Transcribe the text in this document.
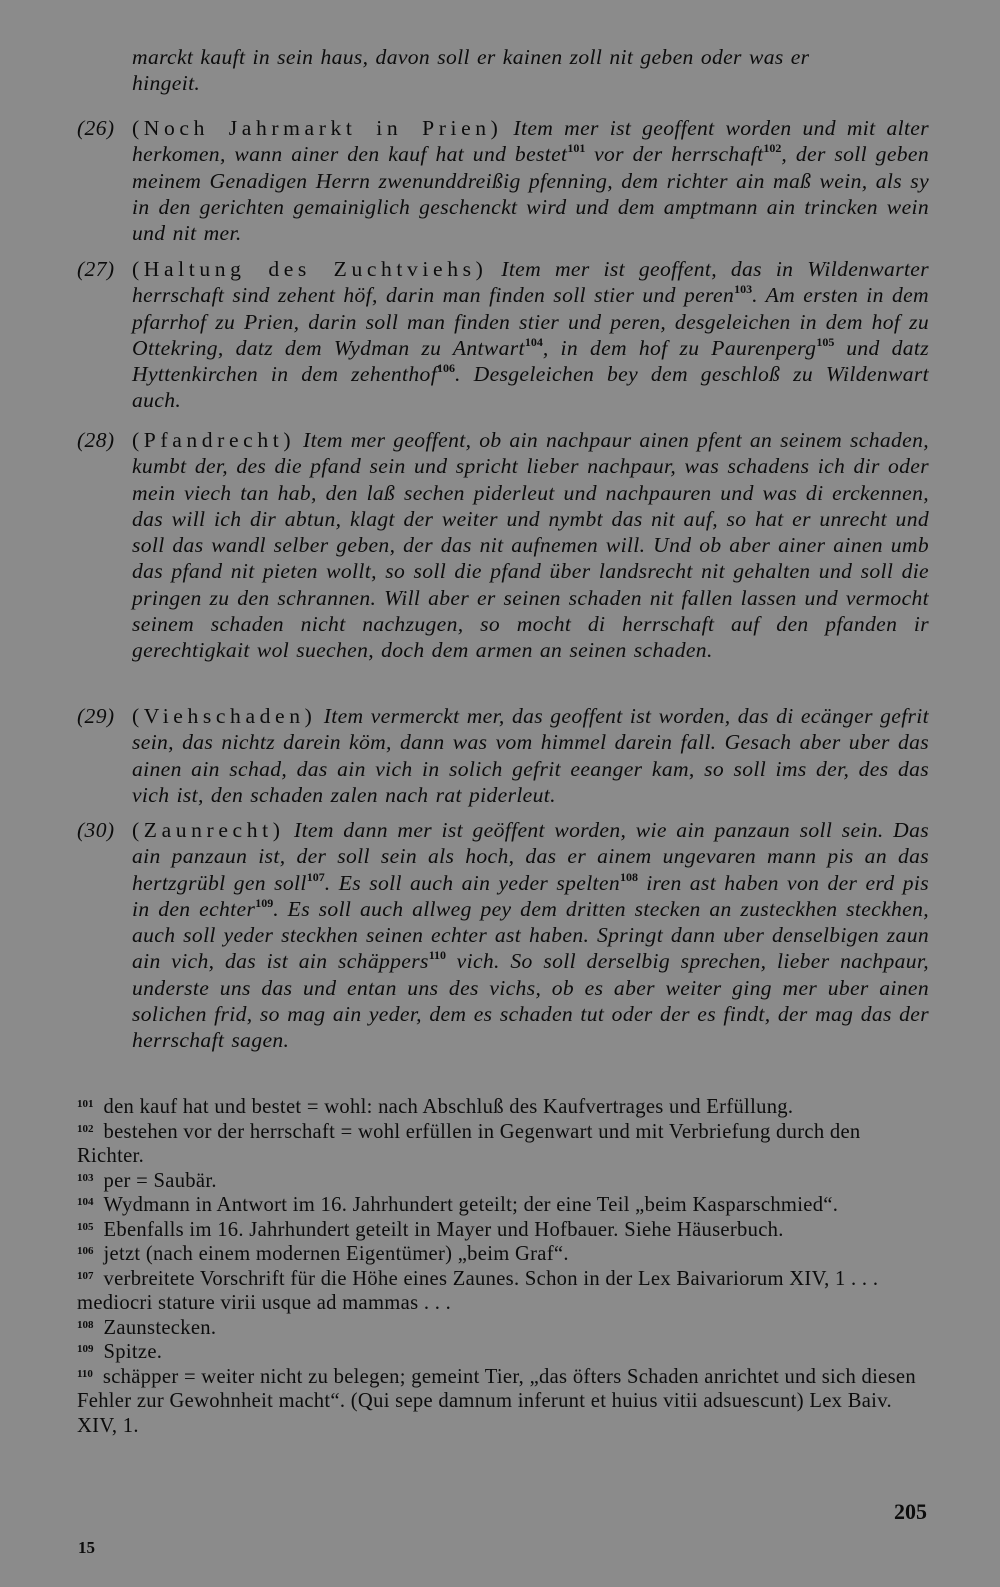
marckt kauft in sein haus, davon soll er kainen zoll nit geben oder was er
hingeit.
(26) (Noch Jahrmarkt in Prien) Item mer ist geoffent worden und mit alter herkomen, wann ainer den kauf hat und bestet$^{101}$ vor der herrschaft$^{102}$, der soll geben meinem Genadigen Herrn zwenunddreißig pfenning, dem richter ain maß wein, als sy in den gerichten gemainiglich geschenckt wird und dem amptmann ain trincken wein und nit mer.
(27) (Haltung des Zuchtviehs) Item mer ist geoffent, das in Wildenwarter herrschaft sind zehent höf, darin man finden soll stier und peren$^{103}$. Am ersten in dem pfarrhof zu Prien, darin soll man finden stier und peren, desgeleichen in dem hof zu Ottekring, datz dem Wydman zu Antwart$^{104}$, in dem hof zu Paurenperg$^{105}$ und datz Hyttenkirchen in dem zehenthof$^{106}$. Desgeleichen bey dem geschloß zu Wildenwart auch.
(28) (Pfandrecht) Item mer geoffent, ob ain nachpaur ainen pfent an seinem schaden, kumbt der, des die pfand sein und spricht lieber nachpaur, was schadens ich dir oder mein viech tan hab, den laß sechen piderleut und nachpauren und was di erckennen, das will ich dir abtun, klagt der weiter und nymbt das nit auf, so hat er unrecht und soll das wandl selber geben, der das nit aufnemen will. Und ob aber ainer ainen umb das pfand nit pieten wollt, so soll die pfand über landsrecht nit gehalten und soll die pringen zu den schrannen. Will aber er seinen schaden nit fallen lassen und vermocht seinem schaden nicht nachzugen, so mocht di herrschaft auf den pfanden ir gerechtigkait wol suechen, doch dem armen an seinen schaden.
(29) (Viehschaden) Item vermerckt mer, das geoffent ist worden, das di ecänger gefrit sein, das nichtz darein köm, dann was vom himmel darein fall. Gesach aber uber das ainen ain schad, das ain vich in solich gefrit eeanger kam, so soll ims der, des das vich ist, den schaden zalen nach rat piderleut.
(30) (Zaunrecht) Item dann mer ist geöffent worden, wie ain panzaun soll sein. Das ain panzaun ist, der soll sein als hoch, das er ainem ungevaren mann pis an das hertzgrübl gen soll$^{107}$. Es soll auch ain yeder spelten$^{108}$ iren ast haben von der erd pis in den echter$^{109}$. Es soll auch allweg pey dem dritten stecken an zusteckhen steckhen, auch soll yeder steckhen seinen echter ast haben. Springt dann uber denselbigen zaun ain vich, das ist ain schäppers$^{110}$ vich. So soll derselbig sprechen, lieber nachpaur, underste uns das und entan uns des vichs, ob es aber weiter ging mer uber ainen solichen frid, so mag ain yeder, dem es schaden tut oder der es findt, der mag das der herrschaft sagen.

$^{101}$ den kauf hat und bestet = wohl: nach Abschluß des Kaufvertrages und Erfüllung.

$^{102}$ bestehen vor der herrschaft = wohl erfüllen in Gegenwart und mit Verbriefung durch den Richter.

$^{103}$ per = Saubär.

$^{104}$ Wydmann in Antwort im 16. Jahrhundert geteilt; der eine Teil „beim Kasparschmied“.

$^{105}$ Ebenfalls im 16. Jahrhundert geteilt in Mayer und Hofbauer. Siehe Häuserbuch.

$^{106}$ jetzt (nach einem modernen Eigentümer) „beim Graf“.

$^{107}$ verbreitete Vorschrift für die Höhe eines Zaunes. Schon in der Lex Baivariorum XIV, 1 . . . mediocri stature virii usque ad mammas . . .

$^{108}$ Zaunstecken.

$^{109}$ Spitze.

$^{110}$ schäpper = weiter nicht zu belegen; gemeint Tier, „das öfters Schaden anrichtet und sich diesen Fehler zur Gewohnheit macht“. (Qui sepe damnum inferunt et huius vitii adsuescunt) Lex Baiv. XIV, 1.

205
15
